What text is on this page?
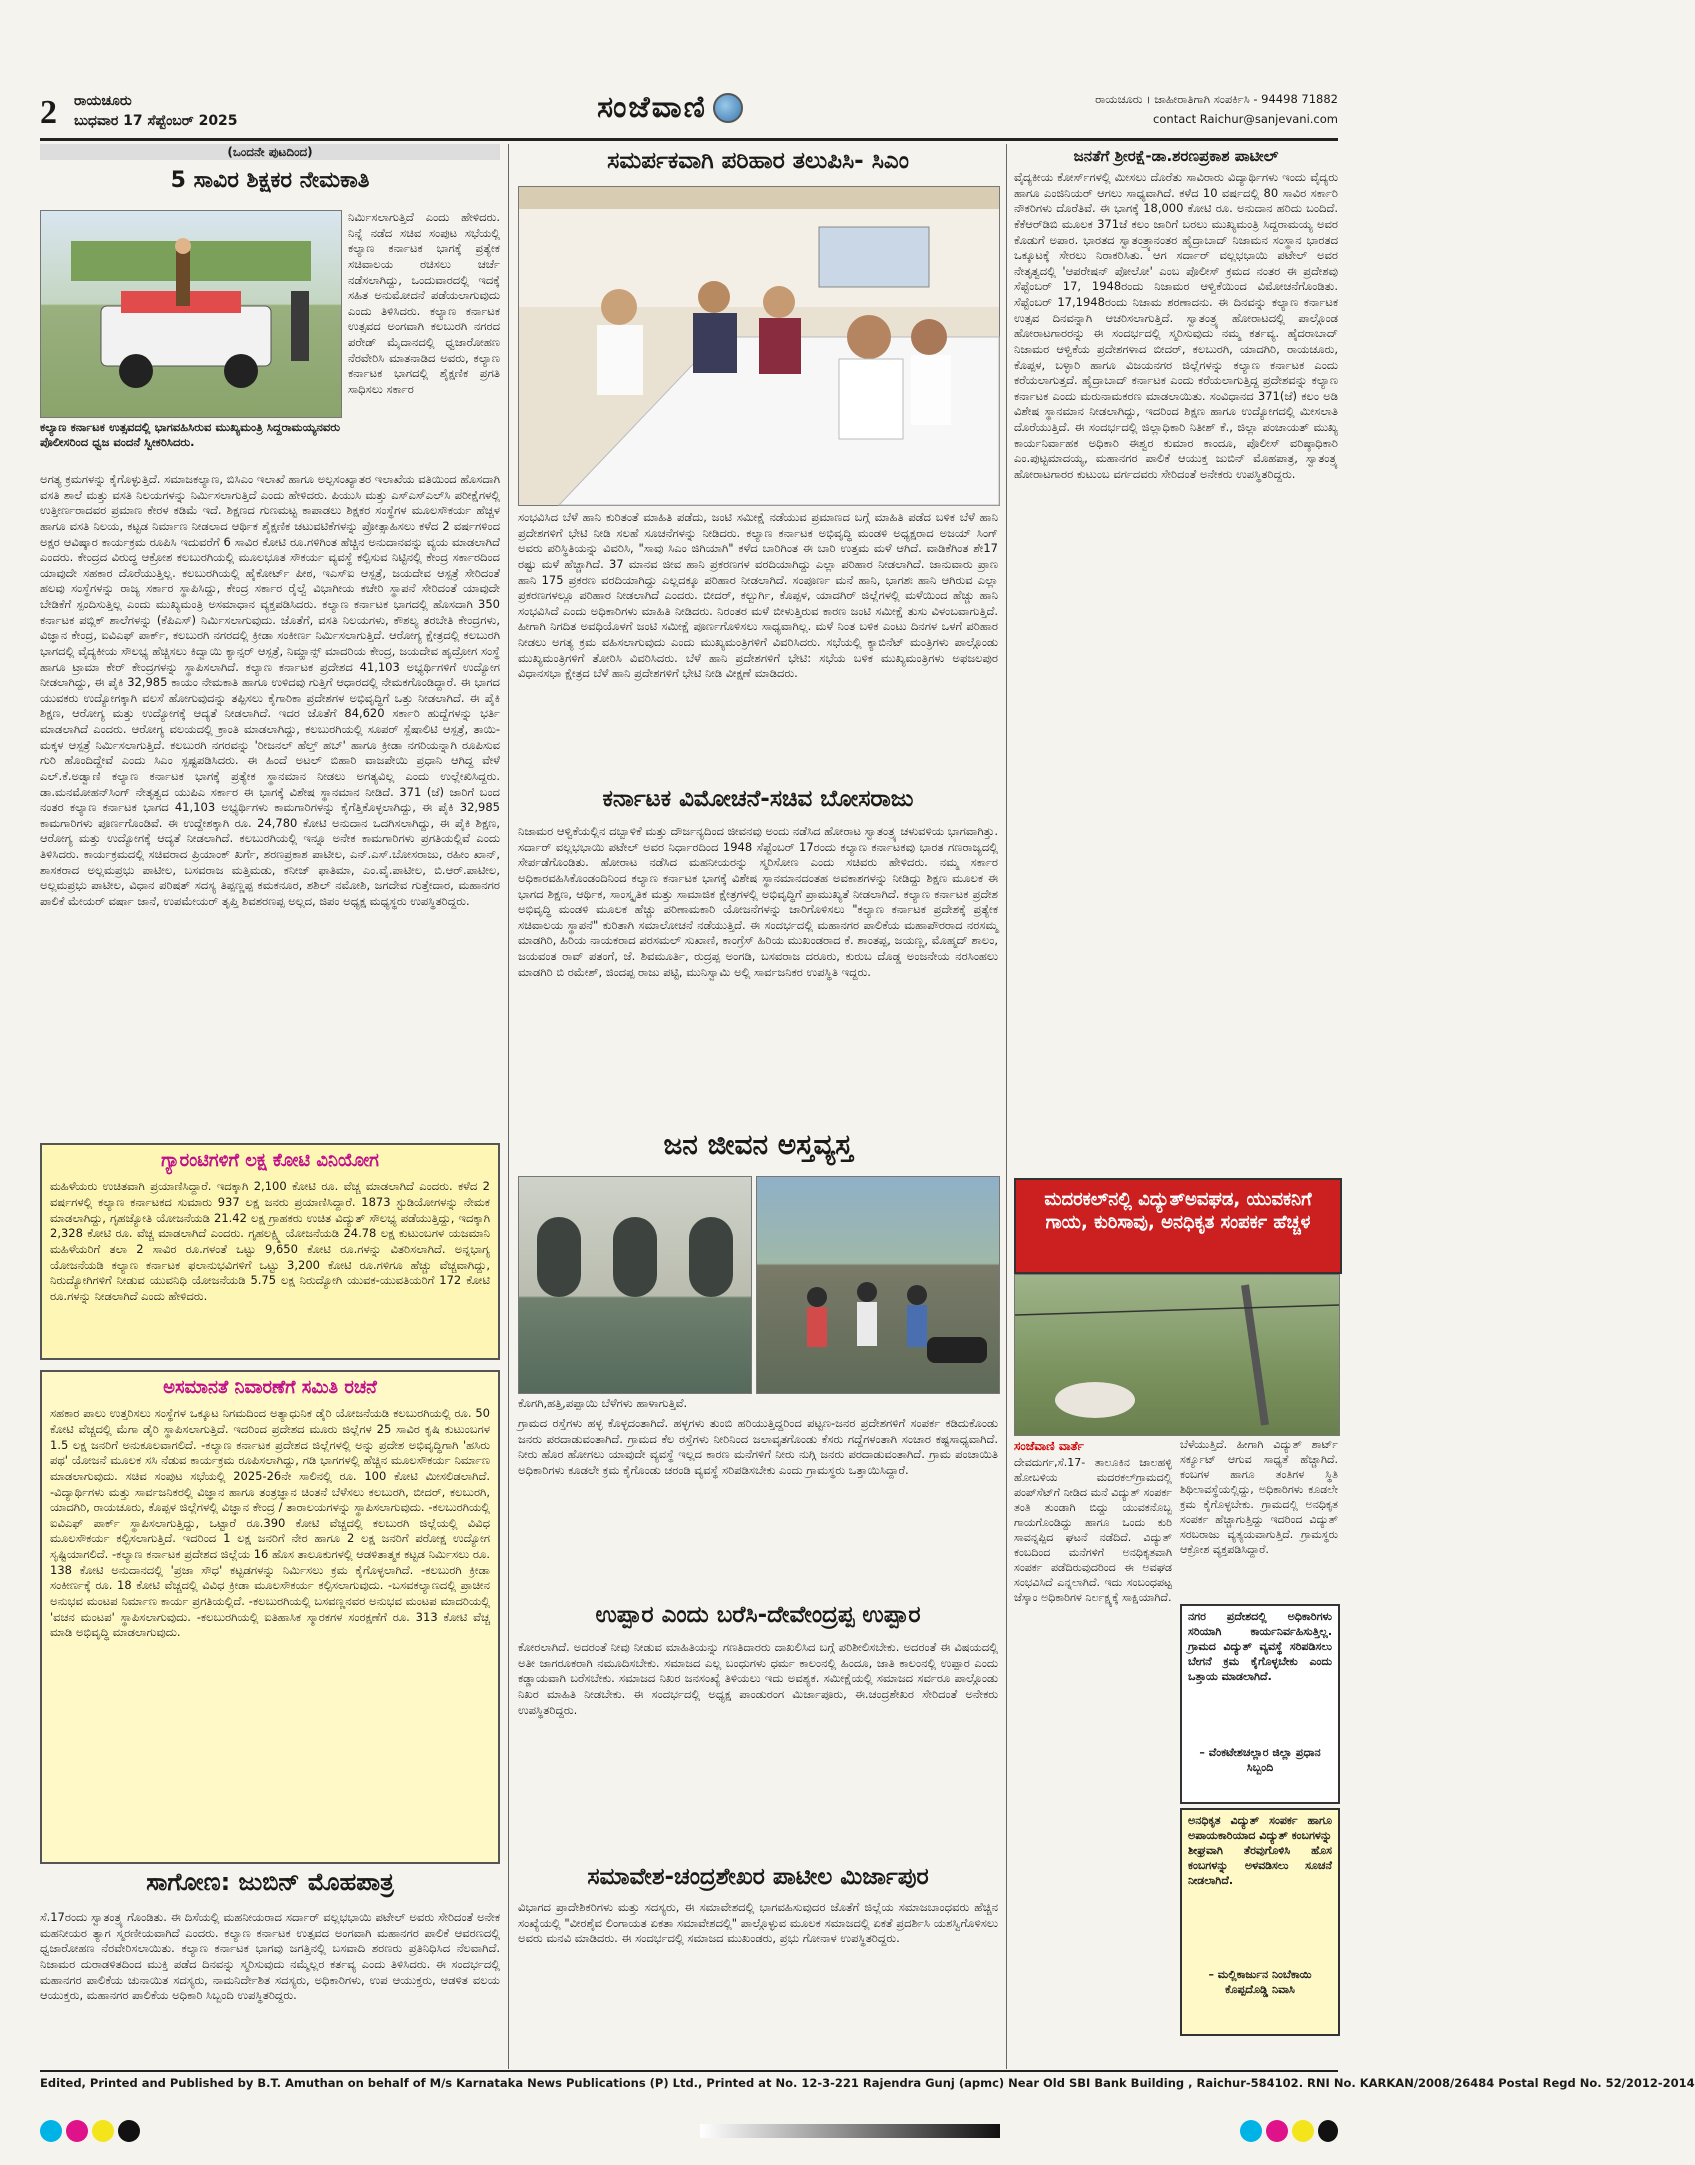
2 ರಾಯಚೂರು
ಬುಧವಾರ 17 ಸೆಪ್ಟೆಂಬರ್ 2025	ಸಂಜೆವಾಣಿ	ರಾಯಚೂರು । ಜಾಹೀರಾತಿಗಾಗಿ ಸಂಪರ್ಕಿಸಿ - 94498 71882
contact Raichur@sanjevani.com
(ಒಂದನೇ ಪುಟದಿಂದ)
5 ಸಾವಿರ ಶಿಕ್ಷಕರ ನೇಮಕಾತಿ
ಕಲ್ಯಾಣ ಕರ್ನಾಟಕ ಉತ್ಸವದಲ್ಲಿ ಭಾಗವಹಿಸಿರುವ ಮುಖ್ಯಮಂತ್ರಿ ಸಿದ್ದರಾಮಯ್ಯನವರು ಪೊಲೀಸರಿಂದ ಧ್ವಜ ವಂದನೆ ಸ್ವೀಕರಿಸಿದರು.
ನಿರ್ಮಿಸಲಾಗುತ್ತಿದೆ ಎಂದು ಹೇಳಿದರು. ನಿನ್ನೆ ನಡೆದ ಸಚಿವ ಸಂಪುಟ ಸಭೆಯಲ್ಲಿ ಕಲ್ಯಾಣ ಕರ್ನಾಟಕ ಭಾಗಕ್ಕೆ ಪ್ರತ್ಯೇಕ ಸಚಿವಾಲಯ ರಚಿಸಲು ಚರ್ಚೆ ನಡೆಸಲಾಗಿದ್ದು, ಒಂದುವಾರದಲ್ಲಿ ಇದಕ್ಕೆ ಸಹಿತ ಅನುಮೋದನೆ ಪಡೆಯಲಾಗುವುದು ಎಂದು ತಿಳಿಸಿದರು. ಕಲ್ಯಾಣ ಕರ್ನಾಟಕ ಉತ್ಸವದ ಅಂಗವಾಗಿ ಕಲಬುರಗಿ ನಗರದ ಪರೇಡ್ ಮೈದಾನದಲ್ಲಿ ಧ್ವಜಾರೋಹಣ ನೆರವೇರಿಸಿ ಮಾತನಾಡಿದ ಅವರು, ಕಲ್ಯಾಣ ಕರ್ನಾಟಕ ಭಾಗದಲ್ಲಿ ಶೈಕ್ಷಣಿಕ ಪ್ರಗತಿ ಸಾಧಿಸಲು ಸರ್ಕಾರ
ಅಗತ್ಯ ಕ್ರಮಗಳನ್ನು ಕೈಗೊಳ್ಳುತ್ತಿದೆ. ಸಮಾಜಕಲ್ಯಾಣ, ಬಿಸಿಎಂ ಇಲಾಖೆ ಹಾಗೂ ಅಲ್ಪಸಂಖ್ಯಾತರ ಇಲಾಖೆಯ ವತಿಯಿಂದ ಹೊಸದಾಗಿ ವಸತಿ ಶಾಲೆ ಮತ್ತು ವಸತಿ ನಿಲಯಗಳನ್ನು ನಿರ್ಮಿಸಲಾಗುತ್ತಿದೆ ಎಂದು ಹೇಳಿದರು. ಪಿಯುಸಿ ಮತ್ತು ಎಸ್‌ಎಸ್‌ಎಲ್‌ಸಿ ಪರೀಕ್ಷೆಗಳಲ್ಲಿ ಉತ್ತೀರ್ಣರಾದವರ ಪ್ರಮಾಣ ಕೇರಳ ಕಡಿಮೆ ಇದೆ. ಶಿಕ್ಷಣದ ಗುಣಮಟ್ಟ ಕಾಪಾಡಲು ಶಿಕ್ಷಕರ ಸಂಸ್ಥೆಗಳ ಮೂಲಸೌಕರ್ಯ ಹೆಚ್ಚಳ ಹಾಗೂ ವಸತಿ ನಿಲಯ, ಕಟ್ಟಡ ನಿರ್ಮಾಣ ನೀಡಲಾದ ಆರ್ಥಿಕ ಶೈಕ್ಷಣಿಕ ಚಟುವಟಿಕೆಗಳನ್ನು ಪ್ರೋತ್ಸಾಹಿಸಲು ಕಳೆದ 2 ವರ್ಷಗಳಿಂದ ಅಕ್ಷರ ಆವಿಷ್ಕಾರ ಕಾರ್ಯಕ್ರಮ ರೂಪಿಸಿ ಇದುವರೆಗೆ 6 ಸಾವಿರ ಕೋಟಿ ರೂ.ಗಳಿಗಿಂತ ಹೆಚ್ಚಿನ ಅನುದಾನವನ್ನು ವ್ಯಯ ಮಾಡಲಾಗಿದೆ ಎಂದರು. ಕೇಂದ್ರದ ವಿರುದ್ಧ ಆಕ್ರೋಶ ಕಲಬುರಗಿಯಲ್ಲಿ ಮೂಲಭೂತ ಸೌಕರ್ಯ ವ್ಯವಸ್ಥೆ ಕಲ್ಪಿಸುವ ನಿಟ್ಟಿನಲ್ಲಿ ಕೇಂದ್ರ ಸರ್ಕಾರದಿಂದ ಯಾವುದೇ ಸಹಕಾರ ದೊರೆಯುತ್ತಿಲ್ಲ. ಕಲಬುರಗಿಯಲ್ಲಿ ಹೈಕೋರ್ಟ್ ಪೀಠ, ಇಎಸ್‌ಐ ಆಸ್ಪತ್ರೆ, ಜಯದೇವ ಆಸ್ಪತ್ರೆ ಸೇರಿದಂತೆ ಹಲವು ಸಂಸ್ಥೆಗಳನ್ನು ರಾಜ್ಯ ಸರ್ಕಾರ ಸ್ಥಾಪಿಸಿದ್ದು, ಕೇಂದ್ರ ಸರ್ಕಾರ ರೈಲ್ವೆ ವಿಭಾಗೀಯ ಕಚೇರಿ ಸ್ಥಾಪನೆ ಸೇರಿದಂತೆ ಯಾವುದೇ ಬೇಡಿಕೆಗೆ ಸ್ಪಂದಿಸುತ್ತಿಲ್ಲ ಎಂದು ಮುಖ್ಯಮಂತ್ರಿ ಅಸಮಾಧಾನ ವ್ಯಕ್ತಪಡಿಸಿದರು. ಕಲ್ಯಾಣ ಕರ್ನಾಟಕ ಭಾಗದಲ್ಲಿ ಹೊಸದಾಗಿ 350 ಕರ್ನಾಟಕ ಪಬ್ಲಿಕ್ ಶಾಲೆಗಳನ್ನು (ಕೆಪಿಎಸ್) ನಿರ್ಮಿಸಲಾಗುವುದು. ಜೊತೆಗೆ, ವಸತಿ ನಿಲಯಗಳು, ಕೌಶಲ್ಯ ತರಬೇತಿ ಕೇಂದ್ರಗಳು, ವಿಜ್ಞಾನ ಕೇಂದ್ರ, ಐವಿಎಫ್ ಪಾರ್ಕ್, ಕಲಬುರಗಿ ನಗರದಲ್ಲಿ ಕ್ರೀಡಾ ಸಂಕೀರ್ಣ ನಿರ್ಮಿಸಲಾಗುತ್ತಿದೆ. ಆರೋಗ್ಯ ಕ್ಷೇತ್ರದಲ್ಲಿ ಕಲಬುರಗಿ ಭಾಗದಲ್ಲಿ ವೈದ್ಯಕೀಯ ಸೌಲಭ್ಯ ಹೆಚ್ಚಿಸಲು ಕಿದ್ವಾಯಿ ಕ್ಯಾನ್ಸರ್ ಆಸ್ಪತ್ರೆ, ನಿಮ್ಹಾನ್ಸ್ ಮಾದರಿಯ ಕೇಂದ್ರ, ಜಯದೇವ ಹೃದ್ರೋಗ ಸಂಸ್ಥೆ ಹಾಗೂ ಟ್ರಾಮಾ ಕೇರ್ ಕೇಂದ್ರಗಳನ್ನು ಸ್ಥಾಪಿಸಲಾಗಿದೆ. ಕಲ್ಯಾಣ ಕರ್ನಾಟಕ ಪ್ರದೇಶದ 41,103 ಅಭ್ಯರ್ಥಿಗಳಿಗೆ ಉದ್ಯೋಗ ನೀಡಲಾಗಿದ್ದು, ಈ ಪೈಕಿ 32,985 ಕಾಯಂ ನೇಮಕಾತಿ ಹಾಗೂ ಉಳಿದವು ಗುತ್ತಿಗೆ ಆಧಾರದಲ್ಲಿ ನೇಮಕಗೊಂಡಿದ್ದಾರೆ. ಈ ಭಾಗದ ಯುವಕರು ಉದ್ಯೋಗಕ್ಕಾಗಿ ವಲಸೆ ಹೋಗುವುದನ್ನು ತಪ್ಪಿಸಲು ಕೈಗಾರಿಕಾ ಪ್ರದೇಶಗಳ ಅಭಿವೃದ್ಧಿಗೆ ಒತ್ತು ನೀಡಲಾಗಿದೆ. ಈ ಪೈಕಿ ಶಿಕ್ಷಣ, ಆರೋಗ್ಯ ಮತ್ತು ಉದ್ಯೋಗಕ್ಕೆ ಆದ್ಯತೆ ನೀಡಲಾಗಿದೆ. ಇದರ ಜೊತೆಗೆ 84,620 ಸರ್ಕಾರಿ ಹುದ್ದೆಗಳನ್ನು ಭರ್ತಿ ಮಾಡಲಾಗಿದೆ ಎಂದರು. ಆರೋಗ್ಯ ವಲಯದಲ್ಲಿ ಕ್ರಾಂತಿ ಮಾಡಲಾಗಿದ್ದು, ಕಲಬುರಗಿಯಲ್ಲಿ ಸೂಪರ್ ಸ್ಪೆಷಾಲಿಟಿ ಆಸ್ಪತ್ರೆ, ತಾಯಿ-ಮಕ್ಕಳ ಆಸ್ಪತ್ರೆ ನಿರ್ಮಿಸಲಾಗುತ್ತಿದೆ. ಕಲಬುರಗಿ ನಗರವನ್ನು 'ರೀಜನಲ್ ಹೆಲ್ತ್ ಹಬ್' ಹಾಗೂ ಕ್ರೀಡಾ ನಗರಿಯನ್ನಾಗಿ ರೂಪಿಸುವ ಗುರಿ ಹೊಂದಿದ್ದೇವೆ ಎಂದು ಸಿಎಂ ಸ್ಪಷ್ಟಪಡಿಸಿದರು. ಈ ಹಿಂದೆ ಅಟಲ್ ಬಿಹಾರಿ ವಾಜಪೇಯಿ ಪ್ರಧಾನಿ ಆಗಿದ್ದ ವೇಳೆ ಎಲ್.ಕೆ.ಅಡ್ವಾಣಿ ಕಲ್ಯಾಣ ಕರ್ನಾಟಕ ಭಾಗಕ್ಕೆ ಪ್ರತ್ಯೇಕ ಸ್ಥಾನಮಾನ ನೀಡಲು ಅಗತ್ಯವಿಲ್ಲ ಎಂದು ಉಲ್ಲೇಖಿಸಿದ್ದರು. ಡಾ.ಮನಮೋಹನ್‌ಸಿಂಗ್ ನೇತೃತ್ವದ ಯುಪಿಎ ಸರ್ಕಾರ ಈ ಭಾಗಕ್ಕೆ ವಿಶೇಷ ಸ್ಥಾನಮಾನ ನೀಡಿದೆ. 371 (ಜೆ) ಜಾರಿಗೆ ಬಂದ ನಂತರ ಕಲ್ಯಾಣ ಕರ್ನಾಟಕ ಭಾಗದ 41,103 ಅಭ್ಯರ್ಥಿಗಳು ಕಾಮಗಾರಿಗಳನ್ನು ಕೈಗೆತ್ತಿಕೊಳ್ಳಲಾಗಿದ್ದು, ಈ ಪೈಕಿ 32,985 ಕಾಮಗಾರಿಗಳು ಪೂರ್ಣಗೊಂಡಿವೆ. ಈ ಉದ್ದೇಶಕ್ಕಾಗಿ ರೂ. 24,780 ಕೋಟಿ ಅನುದಾನ ಒದಗಿಸಲಾಗಿದ್ದು, ಈ ಪೈಕಿ ಶಿಕ್ಷಣ, ಆರೋಗ್ಯ ಮತ್ತು ಉದ್ಯೋಗಕ್ಕೆ ಆದ್ಯತೆ ನೀಡಲಾಗಿದೆ. ಕಲಬುರಗಿಯಲ್ಲಿ ಇನ್ನೂ ಅನೇಕ ಕಾಮಗಾರಿಗಳು ಪ್ರಗತಿಯಲ್ಲಿವೆ ಎಂದು ತಿಳಿಸಿದರು. ಕಾರ್ಯಕ್ರಮದಲ್ಲಿ ಸಚಿವರಾದ ಪ್ರಿಯಾಂಕ್ ಖರ್ಗೆ, ಶರಣಪ್ರಕಾಶ ಪಾಟೀಲ, ಎನ್.ಎಸ್.ಬೋಸರಾಜು, ರಹೀಂ ಖಾನ್, ಶಾಸಕರಾದ ಅಲ್ಲಮಪ್ರಭು ಪಾಟೀಲ, ಬಸವರಾಜ ಮತ್ತಿಮಡು, ಕನೀಜ್ ಫಾತಿಮಾ, ಎಂ.ವೈ.ಪಾಟೀಲ, ಬಿ.ಆರ್.ಪಾಟೀಲ, ಅಲ್ಲಮಪ್ರಭು ಪಾಟೀಲ, ವಿಧಾನ ಪರಿಷತ್ ಸದಸ್ಯ ತಿಪ್ಪಣ್ಣಪ್ಪ ಕಮಕನೂರ, ಶಶಿಲ್ ನಮೋಶಿ, ಜಗದೇವ ಗುತ್ತೇದಾರ, ಮಹಾನಗರ ಪಾಲಿಕೆ ಮೇಯರ್ ವರ್ಷಾ ಜಾನೆ, ಉಪಮೇಯರ್ ತೃಪ್ತಿ ಶಿವಶರಣಪ್ಪ ಅಲ್ಲದ, ಜಿಪಂ ಅಧ್ಯಕ್ಷ ಮಧ್ಯಸ್ಥರು ಉಪಸ್ಥಿತರಿದ್ದರು.
ಗ್ಯಾರಂಟಿಗಳಿಗೆ ಲಕ್ಷ ಕೋಟಿ ವಿನಿಯೋಗ
ಮಹಿಳೆಯರು ಉಚಿತವಾಗಿ ಪ್ರಯಾಣಿಸಿದ್ದಾರೆ. ಇದಕ್ಕಾಗಿ 2,100 ಕೋಟಿ ರೂ. ವೆಚ್ಚ ಮಾಡಲಾಗಿದೆ ಎಂದರು. ಕಳೆದ 2 ವರ್ಷಗಳಲ್ಲಿ ಕಲ್ಯಾಣ ಕರ್ನಾಟಕದ ಸುಮಾರು 937 ಲಕ್ಷ ಜನರು ಪ್ರಯಾಣಿಸಿದ್ದಾರೆ. 1873 ಸ್ಟುಡಿಯೋಗಳನ್ನು ನೇಮಕ ಮಾಡಲಾಗಿದ್ದು, ಗೃಹಜ್ಯೋತಿ ಯೋಜನೆಯಡಿ 21.42 ಲಕ್ಷ ಗ್ರಾಹಕರು ಉಚಿತ ವಿದ್ಯುತ್ ಸೌಲಭ್ಯ ಪಡೆಯುತ್ತಿದ್ದು, ಇದಕ್ಕಾಗಿ 2,328 ಕೋಟಿ ರೂ. ವೆಚ್ಚ ಮಾಡಲಾಗಿದೆ ಎಂದರು. ಗೃಹಲಕ್ಷ್ಮಿ ಯೋಜನೆಯಡಿ 24.78 ಲಕ್ಷ ಕುಟುಂಬಗಳ ಯಜಮಾನಿ ಮಹಿಳೆಯರಿಗೆ ತಲಾ 2 ಸಾವಿರ ರೂ.ಗಳಂತೆ ಒಟ್ಟು 9,650 ಕೋಟಿ ರೂ.ಗಳನ್ನು ವಿತರಿಸಲಾಗಿದೆ. ಅನ್ನಭಾಗ್ಯ ಯೋಜನೆಯಡಿ ಕಲ್ಯಾಣ ಕರ್ನಾಟಕ ಫಲಾನುಭವಿಗಳಿಗೆ ಒಟ್ಟು 3,200 ಕೋಟಿ ರೂ.ಗಳಿಗೂ ಹೆಚ್ಚು ವೆಚ್ಚವಾಗಿದ್ದು, ನಿರುದ್ಯೋಗಿಗಳಿಗೆ ನೀಡುವ ಯುವನಿಧಿ ಯೋಜನೆಯಡಿ 5.75 ಲಕ್ಷ ನಿರುದ್ಯೋಗಿ ಯುವಕ-ಯುವತಿಯರಿಗೆ 172 ಕೋಟಿ ರೂ.ಗಳನ್ನು ನೀಡಲಾಗಿದೆ ಎಂದು ಹೇಳಿದರು.
ಅಸಮಾನತೆ ನಿವಾರಣೆಗೆ ಸಮಿತಿ ರಚನೆ
ಸಹಕಾರ ಪಾಲು ಉತ್ತರಿಸಲು ಸಂಸ್ಥೆಗಳ ಒಕ್ಕೂಟ ನಿಗಮದಿಂದ ಅತ್ಯಾಧುನಿಕ ಡೈರಿ ಯೋಜನೆಯಡಿ ಕಲಬುರಗಿಯಲ್ಲಿ ರೂ. 50 ಕೋಟಿ ವೆಚ್ಚದಲ್ಲಿ ಮೆಗಾ ಡೈರಿ ಸ್ಥಾಪಿಸಲಾಗುತ್ತಿದೆ. ಇದರಿಂದ ಪ್ರದೇಶದ ಮೂರು ಜಿಲ್ಲೆಗಳ 25 ಸಾವಿರ ಕೃಷಿ ಕುಟುಂಬಗಳ 1.5 ಲಕ್ಷ ಜನರಿಗೆ ಅನುಕೂಲವಾಗಲಿದೆ. -ಕಲ್ಯಾಣ ಕರ್ನಾಟಕ ಪ್ರದೇಶದ ಜಿಲ್ಲೆಗಳಲ್ಲಿ ಅನ್ನು ಪ್ರದೇಶ ಅಭಿವೃದ್ಧಿಗಾಗಿ 'ಹಸಿರು ಪಥ' ಯೋಜನೆ ಮೂಲಕ ಸಸಿ ನೆಡುವ ಕಾರ್ಯಕ್ರಮ ರೂಪಿಸಲಾಗಿದ್ದು, ಗಡಿ ಭಾಗಗಳಲ್ಲಿ ಹೆಚ್ಚಿನ ಮೂಲಸೌಕರ್ಯ ನಿರ್ಮಾಣ ಮಾಡಲಾಗುವುದು. ಸಚಿವ ಸಂಪುಟ ಸಭೆಯಲ್ಲಿ 2025-26ನೇ ಸಾಲಿನಲ್ಲಿ ರೂ. 100 ಕೋಟಿ ಮೀಸಲಿಡಲಾಗಿದೆ. -ವಿದ್ಯಾರ್ಥಿಗಳು ಮತ್ತು ಸಾರ್ವಜನಿಕರಲ್ಲಿ ವಿಜ್ಞಾನ ಹಾಗೂ ತಂತ್ರಜ್ಞಾನ ಚಿಂತನೆ ಬೆಳೆಸಲು ಕಲಬುರಗಿ, ಬೀದರ್, ಕಲಬುರಗಿ, ಯಾದಗಿರಿ, ರಾಯಚೂರು, ಕೊಪ್ಪಳ ಜಿಲ್ಲೆಗಳಲ್ಲಿ ವಿಜ್ಞಾನ ಕೇಂದ್ರ / ತಾರಾಲಯಗಳನ್ನು ಸ್ಥಾಪಿಸಲಾಗುವುದು. -ಕಲಬುರಗಿಯಲ್ಲಿ ಐವಿಎಫ್ ಪಾರ್ಕ್ ಸ್ಥಾಪಿಸಲಾಗುತ್ತಿದ್ದು, ಒಟ್ಟಾರೆ ರೂ.390 ಕೋಟಿ ವೆಚ್ಚದಲ್ಲಿ ಕಲಬುರಗಿ ಜಿಲ್ಲೆಯಲ್ಲಿ ವಿವಿಧ ಮೂಲಸೌಕರ್ಯ ಕಲ್ಪಿಸಲಾಗುತ್ತಿದೆ. ಇದರಿಂದ 1 ಲಕ್ಷ ಜನರಿಗೆ ನೇರ ಹಾಗೂ 2 ಲಕ್ಷ ಜನರಿಗೆ ಪರೋಕ್ಷ ಉದ್ಯೋಗ ಸೃಷ್ಟಿಯಾಗಲಿದೆ. -ಕಲ್ಯಾಣ ಕರ್ನಾಟಕ ಪ್ರದೇಶದ ಜಿಲ್ಲೆಯ 16 ಹೊಸ ತಾಲೂಕುಗಳಲ್ಲಿ ಆಡಳಿತಾತ್ಮಕ ಕಟ್ಟಡ ನಿರ್ಮಿಸಲು ರೂ. 138 ಕೋಟಿ ಅನುದಾನದಲ್ಲಿ 'ಪ್ರಜಾ ಸೌಧ' ಕಟ್ಟಡಗಳನ್ನು ನಿರ್ಮಿಸಲು ಕ್ರಮ ಕೈಗೊಳ್ಳಲಾಗಿದೆ. -ಕಲಬುರಗಿ ಕ್ರೀಡಾ ಸಂಕೀರ್ಣಕ್ಕೆ ರೂ. 18 ಕೋಟಿ ವೆಚ್ಚದಲ್ಲಿ ವಿವಿಧ ಕ್ರೀಡಾ ಮೂಲಸೌಕರ್ಯ ಕಲ್ಪಿಸಲಾಗುವುದು. -ಬಸವಕಲ್ಯಾಣದಲ್ಲಿ ಪ್ರಾಚೀನ ಅನುಭವ ಮಂಟಪ ನಿರ್ಮಾಣ ಕಾರ್ಯ ಪ್ರಗತಿಯಲ್ಲಿದೆ. -ಕಲಬುರಗಿಯಲ್ಲಿ ಬಸವಣ್ಣನವರ ಅನುಭವ ಮಂಟಪ ಮಾದರಿಯಲ್ಲಿ 'ವಚನ ಮಂಟಪ' ಸ್ಥಾಪಿಸಲಾಗುವುದು. -ಕಲಬುರಗಿಯಲ್ಲಿ ಐತಿಹಾಸಿಕ ಸ್ಮಾರಕಗಳ ಸಂರಕ್ಷಣೆಗೆ ರೂ. 313 ಕೋಟಿ ವೆಚ್ಚ ಮಾಡಿ ಅಭಿವೃದ್ಧಿ ಮಾಡಲಾಗುವುದು.
ಸಾಗೋಣ: ಜುಬಿನ್ ಮೊಹಪಾತ್ರ
ಸೆ.17ರಂದು ಸ್ವಾತಂತ್ರ್ಯ ಗೊಂಡಿತು. ಈ ದಿಸೆಯಲ್ಲಿ ಮಹನೀಯರಾದ ಸರ್ದಾರ್ ವಲ್ಲಭಭಾಯಿ ಪಟೇಲ್ ಅವರು ಸೇರಿದಂತೆ ಅನೇಕ ಮಹನೀಯರ ತ್ಯಾಗ ಸ್ಮರಣೀಯವಾಗಿದೆ ಎಂದರು. ಕಲ್ಯಾಣ ಕರ್ನಾಟಕ ಉತ್ಸವದ ಅಂಗವಾಗಿ ಮಹಾನಗರ ಪಾಲಿಕೆ ಆವರಣದಲ್ಲಿ ಧ್ವಜಾರೋಹಣ ನೆರವೇರಿಸಲಾಯಿತು. ಕಲ್ಯಾಣ ಕರ್ನಾಟಕ ಭಾಗವು ಜಗತ್ತಿನಲ್ಲಿ ಬಸವಾದಿ ಶರಣರು ಪ್ರತಿನಿಧಿಸಿದ ನೆಲವಾಗಿದೆ. ನಿಜಾಮರ ದುರಾಡಳಿತದಿಂದ ಮುಕ್ತಿ ಪಡೆದ ದಿನವನ್ನು ಸ್ಮರಿಸುವುದು ನಮ್ಮೆಲ್ಲರ ಕರ್ತವ್ಯ ಎಂದು ತಿಳಿಸಿದರು. ಈ ಸಂದರ್ಭದಲ್ಲಿ ಮಹಾನಗರ ಪಾಲಿಕೆಯ ಚುನಾಯಿತ ಸದಸ್ಯರು, ನಾಮನಿರ್ದೇಶಿತ ಸದಸ್ಯರು, ಅಧಿಕಾರಿಗಳು, ಉಪ ಆಯುಕ್ತರು, ಆಡಳಿತ ವಲಯ ಆಯುಕ್ತರು, ಮಹಾನಗರ ಪಾಲಿಕೆಯ ಅಧಿಕಾರಿ ಸಿಬ್ಬಂದಿ ಉಪಸ್ಥಿತರಿದ್ದರು.
ಸಮರ್ಪಕವಾಗಿ ಪರಿಹಾರ ತಲುಪಿಸಿ- ಸಿಎಂ
ಸಂಭವಿಸಿದ ಬೆಳೆ ಹಾನಿ ಕುರಿತಂತೆ ಮಾಹಿತಿ ಪಡೆದು, ಜಂಟಿ ಸಮೀಕ್ಷೆ ನಡೆಯುವ ಪ್ರಮಾಣದ ಬಗ್ಗೆ ಮಾಹಿತಿ ಪಡೆದ ಬಳಿಕ ಬೆಳೆ ಹಾನಿ ಪ್ರದೇಶಗಳಿಗೆ ಭೇಟಿ ನೀಡಿ ಸಲಹೆ ಸೂಚನೆಗಳನ್ನು ನೀಡಿದರು. ಕಲ್ಯಾಣ ಕರ್ನಾಟಕ ಅಭಿವೃದ್ಧಿ ಮಂಡಳಿ ಅಧ್ಯಕ್ಷರಾದ ಅಜಯ್ ಸಿಂಗ್ ಅವರು ಪರಿಸ್ಥಿತಿಯನ್ನು ವಿವರಿಸಿ, "ಸಾವು ಸಿಎಂ ಜಿಗಿಯಾಗಿ" ಕಳೆದ ಬಾರಿಗಿಂತ ಈ ಬಾರಿ ಉತ್ತಮ ಮಳೆ ಆಗಿದೆ. ವಾಡಿಕೆಗಿಂತ ಶೇ17 ರಷ್ಟು ಮಳೆ ಹೆಚ್ಚಾಗಿದೆ. 37 ಮಾನವ ಜೀವ ಹಾನಿ ಪ್ರಕರಣಗಳ ವರದಿಯಾಗಿದ್ದು ಎಲ್ಲಾ ಪರಿಹಾರ ನೀಡಲಾಗಿದೆ. ಜಾನುವಾರು ಪ್ರಾಣ ಹಾನಿ 175 ಪ್ರಕರಣ ವರದಿಯಾಗಿದ್ದು ಎಲ್ಲದಕ್ಕೂ ಪರಿಹಾರ ನೀಡಲಾಗಿದೆ. ಸಂಪೂರ್ಣ ಮನೆ ಹಾನಿ, ಭಾಗಶಃ ಹಾನಿ ಆಗಿರುವ ಎಲ್ಲಾ ಪ್ರಕರಣಗಳಲ್ಲೂ ಪರಿಹಾರ ನೀಡಲಾಗಿದೆ ಎಂದರು. ಬೀದರ್, ಕಲ್ಬುರ್ಗಿ, ಕೊಪ್ಪಳ, ಯಾದಗಿರ್ ಜಿಲ್ಲೆಗಳಲ್ಲಿ ಮಳೆಯಿಂದ ಹೆಚ್ಚು ಹಾನಿ ಸಂಭವಿಸಿದೆ ಎಂದು ಅಧಿಕಾರಿಗಳು ಮಾಹಿತಿ ನೀಡಿದರು. ನಿರಂತರ ಮಳೆ ಬೀಳುತ್ತಿರುವ ಕಾರಣ ಜಂಟಿ ಸಮೀಕ್ಷೆ ತುಸು ವಿಳಂಬವಾಗುತ್ತಿದೆ. ಹೀಗಾಗಿ ನಿಗದಿತ ಅವಧಿಯೊಳಗೆ ಜಂಟಿ ಸಮೀಕ್ಷೆ ಪೂರ್ಣಗೊಳಿಸಲು ಸಾಧ್ಯವಾಗಿಲ್ಲ. ಮಳೆ ನಿಂತ ಬಳಿಕ ಎಂಟು ದಿನಗಳ ಒಳಗೆ ಪರಿಹಾರ ನೀಡಲು ಅಗತ್ಯ ಕ್ರಮ ವಹಿಸಲಾಗುವುದು ಎಂದು ಮುಖ್ಯಮಂತ್ರಿಗಳಿಗೆ ವಿವರಿಸಿದರು. ಸಭೆಯಲ್ಲಿ ಕ್ಯಾಬಿನೆಟ್ ಮಂತ್ರಿಗಳು ಪಾಲ್ಗೊಂಡು ಮುಖ್ಯಮಂತ್ರಿಗಳಿಗೆ ತೋರಿಸಿ ವಿವರಿಸಿದರು. ಬೆಳೆ ಹಾನಿ ಪ್ರದೇಶಗಳಿಗೆ ಭೇಟಿ: ಸಭೆಯ ಬಳಿಕ ಮುಖ್ಯಮಂತ್ರಿಗಳು ಅಫಜಲಪುರ ವಿಧಾನಸಭಾ ಕ್ಷೇತ್ರದ ಬೆಳೆ ಹಾನಿ ಪ್ರದೇಶಗಳಿಗೆ ಭೇಟಿ ನೀಡಿ ವೀಕ್ಷಣೆ ಮಾಡಿದರು.
ಕರ್ನಾಟಕ ವಿಮೋಚನೆ-ಸಚಿವ ಬೋಸರಾಜು
ನಿಜಾಮರ ಆಳ್ವಿಕೆಯಲ್ಲಿನ ದಬ್ಬಾಳಿಕೆ ಮತ್ತು ದೌರ್ಜನ್ಯದಿಂದ ಜೀವನವು ಅಂದು ನಡೆಸಿದ ಹೋರಾಟ ಸ್ವಾತಂತ್ರ್ಯ ಚಳುವಳಿಯ ಭಾಗವಾಗಿತ್ತು. ಸರ್ದಾರ್ ವಲ್ಲಭಭಾಯಿ ಪಟೇಲ್ ಅವರ ನಿರ್ಧಾರದಿಂದ 1948 ಸೆಪ್ಟೆಂಬರ್ 17ರಂದು ಕಲ್ಯಾಣ ಕರ್ನಾಟಕವು ಭಾರತ ಗಣರಾಜ್ಯದಲ್ಲಿ ಸೇರ್ಪಡೆಗೊಂಡಿತು. ಹೋರಾಟ ನಡೆಸಿದ ಮಹನೀಯರನ್ನು ಸ್ಮರಿಸೋಣ ಎಂದು ಸಚಿವರು ಹೇಳಿದರು. ನಮ್ಮ ಸರ್ಕಾರ ಅಧಿಕಾರವಹಿಸಿಕೊಂಡಂದಿನಿಂದ ಕಲ್ಯಾಣ ಕರ್ನಾಟಕ ಭಾಗಕ್ಕೆ ವಿಶೇಷ ಸ್ಥಾನಮಾನದಂತಹ ಅವಕಾಶಗಳನ್ನು ನೀಡಿದ್ದು ಶಿಕ್ಷಣ ಮೂಲಕ ಈ ಭಾಗದ ಶಿಕ್ಷಣ, ಆರ್ಥಿಕ, ಸಾಂಸ್ಕೃತಿಕ ಮತ್ತು ಸಾಮಾಜಿಕ ಕ್ಷೇತ್ರಗಳಲ್ಲಿ ಅಭಿವೃದ್ಧಿಗೆ ಪ್ರಾಮುಖ್ಯತೆ ನೀಡಲಾಗಿದೆ. ಕಲ್ಯಾಣ ಕರ್ನಾಟಕ ಪ್ರದೇಶ ಅಭಿವೃದ್ಧಿ ಮಂಡಳಿ ಮೂಲಕ ಹೆಚ್ಚು ಪರಿಣಾಮಕಾರಿ ಯೋಜನೆಗಳನ್ನು ಜಾರಿಗೊಳಿಸಲು "ಕಲ್ಯಾಣ ಕರ್ನಾಟಕ ಪ್ರದೇಶಕ್ಕೆ ಪ್ರತ್ಯೇಕ ಸಚಿವಾಲಯ ಸ್ಥಾಪನೆ" ಕುರಿತಾಗಿ ಸಮಾಲೋಚನೆ ನಡೆಯುತ್ತಿದೆ. ಈ ಸಂದರ್ಭದಲ್ಲಿ ಮಹಾನಗರ ಪಾಲಿಕೆಯ ಮಹಾಪೌರರಾದ ನರಸಮ್ಮ ಮಾಡಗಿರಿ, ಹಿರಿಯ ನಾಯಕರಾದ ಪರಸಮಲ್ ಸುಖಾಣಿ, ಕಾಂಗ್ರೆಸ್ ಹಿರಿಯ ಮುಖಂಡರಾದ ಕೆ. ಶಾಂತಪ್ಪ, ಜಯಣ್ಣ, ಮೊಹ್ಮದ್ ಶಾಲಂ, ಜಯವಂತ ರಾವ್ ಪತಂಗೆ, ಜೆ. ಶಿವಮೂರ್ತಿ, ರುದ್ರಪ್ಪ ಅಂಗಡಿ, ಬಸವರಾಜ ದರೂರು, ಕುರುಬ ದೊಡ್ಡ ಅಂಜನೇಯ ನರಸಿಂಹಲು ಮಾಡಗಿರಿ ಬಿ ರಮೇಶ್, ಜಿಂದಪ್ಪ ರಾಜು ಪಟ್ಟಿ, ಮುನಿಸ್ವಾಮಿ ಅಲ್ಲಿ ಸಾರ್ವಜನಿಕರ ಉಪಸ್ಥಿತಿ ಇದ್ದರು.
ಜನ ಜೀವನ ಅಸ್ತವ್ಯಸ್ತ
ಕೊಗಗಿ,ಹತ್ತಿ,ಪಪ್ಪಾಯಿ ಬೆಳೆಗಳು ಹಾಳಾಗುತ್ತಿವೆ.
ಗ್ರಾಮದ ರಸ್ತೆಗಳು ಹಳ್ಳ ಕೊಳ್ಳದಂತಾಗಿದೆ. ಹಳ್ಳಗಳು ತುಂಬಿ ಹರಿಯುತ್ತಿದ್ದರಿಂದ ಪಟ್ಟಣ-ಜನರ ಪ್ರದೇಶಗಳಿಗೆ ಸಂಪರ್ಕ ಕಡಿದುಕೊಂಡು ಜನರು ಪರದಾಡುವಂತಾಗಿದೆ. ಗ್ರಾಮದ ಕೆಲ ರಸ್ತೆಗಳು ನೀರಿನಿಂದ ಜಲಾವೃತಗೊಂಡು ಕೆಸರು ಗದ್ದೆಗಳಂತಾಗಿ ಸಂಚಾರ ಕಷ್ಟಸಾಧ್ಯವಾಗಿದೆ. ನೀರು ಹೊರ ಹೋಗಲು ಯಾವುದೇ ವ್ಯವಸ್ಥೆ ಇಲ್ಲದ ಕಾರಣ ಮನೆಗಳಿಗೆ ನೀರು ನುಗ್ಗಿ ಜನರು ಪರದಾಡುವಂತಾಗಿದೆ. ಗ್ರಾಮ ಪಂಚಾಯಿತಿ ಅಧಿಕಾರಿಗಳು ಕೂಡಲೇ ಕ್ರಮ ಕೈಗೊಂಡು ಚರಂಡಿ ವ್ಯವಸ್ಥೆ ಸರಿಪಡಿಸಬೇಕು ಎಂದು ಗ್ರಾಮಸ್ಥರು ಒತ್ತಾಯಿಸಿದ್ದಾರೆ.
ಉಪ್ಪಾರ ಎಂದು ಬರೆಸಿ-ದೇವೇಂದ್ರಪ್ಪ ಉಪ್ಪಾರ
ಕೋರಲಾಗಿದೆ. ಅದರಂತೆ ನೀವು ನೀಡುವ ಮಾಹಿತಿಯನ್ನು ಗಣತಿದಾರರು ದಾಖಲಿಸಿದ ಬಗ್ಗೆ ಪರಿಶೀಲಿಸಬೇಕು. ಅದರಂತೆ ಈ ವಿಷಯದಲ್ಲಿ ಅತೀ ಜಾಗರೂಕರಾಗಿ ನಮೂದಿಸಬೇಕು. ಸಮಾಜದ ಎಲ್ಲ ಬಂಧುಗಳು ಧರ್ಮ ಕಾಲಂನಲ್ಲಿ ಹಿಂದೂ, ಜಾತಿ ಕಾಲಂನಲ್ಲಿ ಉಪ್ಪಾರ ಎಂದು ಕಡ್ಡಾಯವಾಗಿ ಬರೆಸಬೇಕು. ಸಮಾಜದ ನಿಖರ ಜನಸಂಖ್ಯೆ ತಿಳಿಯಲು ಇದು ಅವಶ್ಯಕ. ಸಮೀಕ್ಷೆಯಲ್ಲಿ ಸಮಾಜದ ಸರ್ವರೂ ಪಾಲ್ಗೊಂಡು ನಿಖರ ಮಾಹಿತಿ ನೀಡಬೇಕು. ಈ ಸಂದರ್ಭದಲ್ಲಿ ಅಧ್ಯಕ್ಷ ಪಾಂಡುರಂಗ ಮಿರ್ಜಾಪೂರು, ಈ.ಚಂದ್ರಶೇಖರ ಸೇರಿದಂತೆ ಅನೇಕರು ಉಪಸ್ಥಿತರಿದ್ದರು.
ಸಮಾವೇಶ-ಚಂದ್ರಶೇಖರ ಪಾಟೀಲ ಮಿರ್ಜಾಪುರ
ವಿಭಾಗದ ಪ್ರಾದೇಶಿಕರಿಗಳು ಮತ್ತು ಸದಸ್ಯರು, ಈ ಸಮಾವೇಶದಲ್ಲಿ ಭಾಗವಹಿಸುವುದರ ಜೊತೆಗೆ ಜಿಲ್ಲೆಯ ಸಮಾಜಬಾಂಧವರು ಹೆಚ್ಚಿನ ಸಂಖ್ಯೆಯಲ್ಲಿ "ವೀರಶೈವ ಲಿಂಗಾಯತ ಏಕತಾ ಸಮಾವೇಶದಲ್ಲಿ" ಪಾಲ್ಗೊಳ್ಳುವ ಮೂಲಕ ಸಮಾಜದಲ್ಲಿ ಏಕತೆ ಪ್ರದರ್ಶಿಸಿ ಯಶಸ್ವಿಗೊಳಿಸಲು ಅವರು ಮನವಿ ಮಾಡಿದರು. ಈ ಸಂದರ್ಭದಲ್ಲಿ ಸಮಾಜದ ಮುಖಂಡರು, ಪ್ರಭು ಗೋನಾಳ ಉಪಸ್ಥಿತರಿದ್ದರು.
ಜನತೆಗೆ ಶ್ರೀರಕ್ಷೆ-ಡಾ.ಶರಣಪ್ರಕಾಶ ಪಾಟೀಲ್
ವೈದ್ಯಕೀಯ ಕೋರ್ಸ್‌ಗಳಲ್ಲಿ ಮೀಸಲು ದೊರೆತು ಸಾವಿರಾರು ವಿದ್ಯಾರ್ಥಿಗಳು ಇಂದು ವೈದ್ಯರು ಹಾಗೂ ಎಂಜಿನಿಯರ್ ಆಗಲು ಸಾಧ್ಯವಾಗಿದೆ. ಕಳೆದ 10 ವರ್ಷದಲ್ಲಿ 80 ಸಾವಿರ ಸರ್ಕಾರಿ ನೌಕರಿಗಳು ದೊರೆತಿವೆ. ಈ ಭಾಗಕ್ಕೆ 18,000 ಕೋಟಿ ರೂ. ಅನುದಾನ ಹರಿದು ಬಂದಿದೆ. ಕೆಕೆಆರ್‌ಡಿಬಿ ಮೂಲಕ 371ಜೆ ಕಲಂ ಜಾರಿಗೆ ಬರಲು ಮುಖ್ಯಮಂತ್ರಿ ಸಿದ್ದರಾಮಯ್ಯ ಅವರ ಕೊಡುಗೆ ಅಪಾರ. ಭಾರತದ ಸ್ವಾತಂತ್ರ್ಯಾನಂತರ ಹೈದ್ರಾಬಾದ್ ನಿಜಾಮನ ಸಂಸ್ಥಾನ ಭಾರತದ ಒಕ್ಕೂಟಕ್ಕೆ ಸೇರಲು ನಿರಾಕರಿಸಿತು. ಆಗ ಸರ್ದಾರ್ ವಲ್ಲಭಭಾಯಿ ಪಟೇಲ್ ಅವರ ನೇತೃತ್ವದಲ್ಲಿ 'ಆಪರೇಷನ್ ಪೋಲೋ' ಎಂಬ ಪೊಲೀಸ್ ಕ್ರಮದ ನಂತರ ಈ ಪ್ರದೇಶವು ಸೆಪ್ಟೆಂಬರ್ 17, 1948ರಂದು ನಿಜಾಮರ ಆಳ್ವಿಕೆಯಿಂದ ವಿಮೋಚನೆಗೊಂಡಿತು. ಸೆಪ್ಟೆಂಬರ್ 17,1948ರಂದು ನಿಜಾಮ ಶರಣಾದನು. ಈ ದಿನವನ್ನು ಕಲ್ಯಾಣ ಕರ್ನಾಟಕ ಉತ್ಸವ ದಿನವನ್ನಾಗಿ ಆಚರಿಸಲಾಗುತ್ತಿದೆ. ಸ್ವಾತಂತ್ರ್ಯ ಹೋರಾಟದಲ್ಲಿ ಪಾಲ್ಗೊಂಡ ಹೋರಾಟಗಾರರನ್ನು ಈ ಸಂದರ್ಭದಲ್ಲಿ ಸ್ಮರಿಸುವುದು ನಮ್ಮ ಕರ್ತವ್ಯ. ಹೈದರಾಬಾದ್ ನಿಜಾಮರ ಆಳ್ವಿಕೆಯ ಪ್ರದೇಶಗಳಾದ ಬೀದರ್, ಕಲಬುರಗಿ, ಯಾದಗಿರಿ, ರಾಯಚೂರು, ಕೊಪ್ಪಳ, ಬಳ್ಳಾರಿ ಹಾಗೂ ವಿಜಯನಗರ ಜಿಲ್ಲೆಗಳನ್ನು ಕಲ್ಯಾಣ ಕರ್ನಾಟಕ ಎಂದು ಕರೆಯಲಾಗುತ್ತದೆ. ಹೈದ್ರಾಬಾದ್ ಕರ್ನಾಟಕ ಎಂದು ಕರೆಯಲಾಗುತ್ತಿದ್ದ ಪ್ರದೇಶವನ್ನು ಕಲ್ಯಾಣ ಕರ್ನಾಟಕ ಎಂದು ಮರುನಾಮಕರಣ ಮಾಡಲಾಯಿತು. ಸಂವಿಧಾನದ 371(ಜೆ) ಕಲಂ ಅಡಿ ವಿಶೇಷ ಸ್ಥಾನಮಾನ ನೀಡಲಾಗಿದ್ದು, ಇದರಿಂದ ಶಿಕ್ಷಣ ಹಾಗೂ ಉದ್ಯೋಗದಲ್ಲಿ ಮೀಸಲಾತಿ ದೊರೆಯುತ್ತಿದೆ. ಈ ಸಂದರ್ಭದಲ್ಲಿ ಜಿಲ್ಲಾಧಿಕಾರಿ ನಿತೀಶ್ ಕೆ., ಜಿಲ್ಲಾ ಪಂಚಾಯತ್ ಮುಖ್ಯ ಕಾರ್ಯನಿರ್ವಾಹಕ ಅಧಿಕಾರಿ ಈಶ್ವರ ಕುಮಾರ ಕಾಂದೂ, ಪೊಲೀಸ್ ವರಿಷ್ಠಾಧಿಕಾರಿ ಎಂ.ಪುಟ್ಟಮಾದಯ್ಯ, ಮಹಾನಗರ ಪಾಲಿಕೆ ಆಯುಕ್ತ ಜುಬಿನ್ ಮೊಹಪಾತ್ರ, ಸ್ವಾತಂತ್ರ್ಯ ಹೋರಾಟಗಾರರ ಕುಟುಂಬ ವರ್ಗದವರು ಸೇರಿದಂತೆ ಅನೇಕರು ಉಪಸ್ಥಿತರಿದ್ದರು.
ಮದರಕಲ್‌ನಲ್ಲಿ ವಿದ್ಯುತ್‌ಅವಘಡ, ಯುವಕನಿಗೆ ಗಾಯ, ಕುರಿಸಾವು, ಅನಧಿಕೃತ ಸಂಪರ್ಕ ಹೆಚ್ಚಳ
ಸಂಜೆವಾಣಿ ವಾರ್ತೆ
ದೇವದುರ್ಗ,ಸೆ.17- ತಾಲೂಕಿನ ಜಾಲಹಳ್ಳಿ ಹೋಬಳಿಯ ಮದರಕಲ್‌ಗ್ರಾಮದಲ್ಲಿ ಪಂಪ್‌ಸೆಟ್‌ಗೆ ನೀಡಿದ ಮನೆ ವಿದ್ಯುತ್ ಸಂಪರ್ಕ ತಂತಿ ತುಂಡಾಗಿ ಬಿದ್ದು ಯುವಕನೊಬ್ಬ ಗಾಯಗೊಂಡಿದ್ದು ಹಾಗೂ ಒಂದು ಕುರಿ ಸಾವನ್ನಪ್ಪಿದ ಘಟನೆ ನಡೆದಿದೆ. ವಿದ್ಯುತ್ ಕಂಬದಿಂದ ಮನೆಗಳಿಗೆ ಅನಧಿಕೃತವಾಗಿ ಸಂಪರ್ಕ ಪಡೆದಿರುವುದರಿಂದ ಈ ಅವಘಡ ಸಂಭವಿಸಿದೆ ಎನ್ನಲಾಗಿದೆ. ಇದು ಸಂಬಂಧಪಟ್ಟ ಜೆಸ್ಕಾಂ ಅಧಿಕಾರಿಗಳ ನಿರ್ಲಕ್ಷ್ಯಕ್ಕೆ ಸಾಕ್ಷಿಯಾಗಿದೆ.
ಬೆಳೆಯುತ್ತಿದೆ. ಹೀಗಾಗಿ ವಿದ್ಯುತ್ ಶಾರ್ಟ್ ಸರ್ಕ್ಯೂಟ್ ಆಗುವ ಸಾಧ್ಯತೆ ಹೆಚ್ಚಾಗಿದೆ. ಕಂಬಗಳ ಹಾಗೂ ತಂತಿಗಳ ಸ್ಥಿತಿ ಶಿಥಿಲಾವಸ್ಥೆಯಲ್ಲಿದ್ದು, ಅಧಿಕಾರಿಗಳು ಕೂಡಲೇ ಕ್ರಮ ಕೈಗೊಳ್ಳಬೇಕು. ಗ್ರಾಮದಲ್ಲಿ ಅನಧಿಕೃತ ಸಂಪರ್ಕ ಹೆಚ್ಚಾಗುತ್ತಿದ್ದು ಇದರಿಂದ ವಿದ್ಯುತ್ ಸರಬರಾಜು ವ್ಯತ್ಯಯವಾಗುತ್ತಿದೆ. ಗ್ರಾಮಸ್ಥರು ಆಕ್ರೋಶ ವ್ಯಕ್ತಪಡಿಸಿದ್ದಾರೆ.
ನಗರ ಪ್ರದೇಶದಲ್ಲಿ ಅಧಿಕಾರಿಗಳು ಸರಿಯಾಗಿ ಕಾರ್ಯನಿರ್ವಹಿಸುತ್ತಿಲ್ಲ. ಗ್ರಾಮದ ವಿದ್ಯುತ್ ವ್ಯವಸ್ಥೆ ಸರಿಪಡಿಸಲು ಬೇಗನೆ ಕ್ರಮ ಕೈಗೊಳ್ಳಬೇಕು ಎಂದು ಒತ್ತಾಯ ಮಾಡಲಾಗಿದೆ.
– ವೆಂಕಟೇಶಚಲ್ಲಾರ ಜಿಲ್ಲಾ ಪ್ರಧಾನ ಸಿಬ್ಬಂದಿ
ಅನಧಿಕೃತ ವಿದ್ಯುತ್ ಸಂಪರ್ಕ ಹಾಗೂ ಅಪಾಯಕಾರಿಯಾದ ವಿದ್ಯುತ್ ಕಂಬಗಳನ್ನು ಶೀಘ್ರವಾಗಿ ತೆರವುಗೊಳಿಸಿ ಹೊಸ ಕಂಬಗಳನ್ನು ಅಳವಡಿಸಲು ಸೂಚನೆ ನೀಡಲಾಗಿದೆ.
– ಮಲ್ಲಿಕಾರ್ಜುನ ನಿಂಬೆಕಾಯಿ ಕೊಪ್ಪದೊಡ್ಡಿ ನಿವಾಸಿ
Edited, Printed and Published by B.T. Amuthan on behalf of M/s Karnataka News Publications (P) Ltd., Printed at No. 12-3-221 Rajendra Gunj (apmc) Near Old SBI Bank Building , Raichur-584102. RNI No. KARKAN/2008/26484 Postal Regd No. 52/2012-2014
